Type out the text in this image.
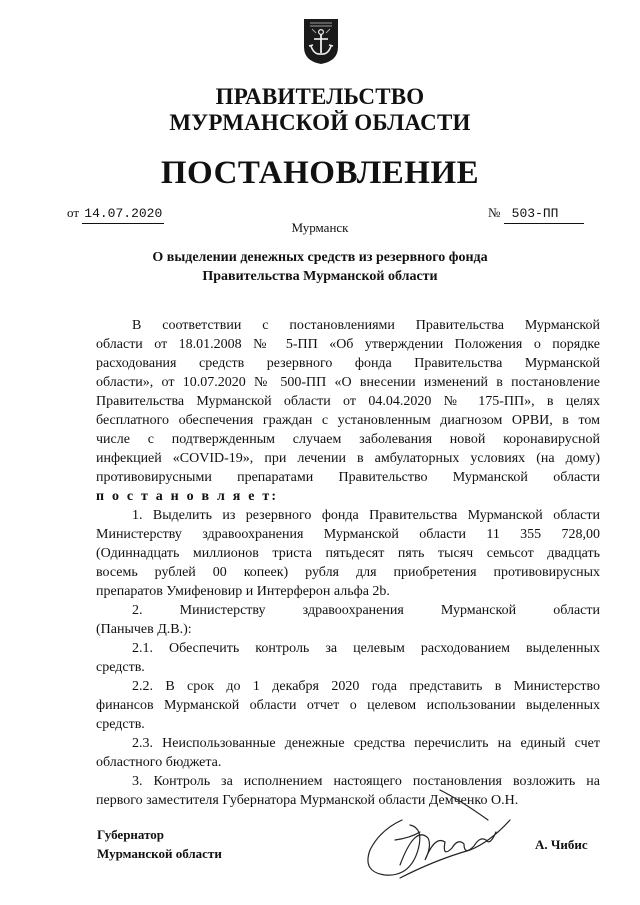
ПРАВИТЕЛЬСТВО
МУРМАНСКОЙ ОБЛАСТИ
ПОСТАНОВЛЕНИЕ
от 14.07.2020	№ 503-ПП
Мурманск
О выделении денежных средств из резервного фонда
Правительства Мурманской области
В соответствии с постановлениями Правительства Мурманской
области от 18.01.2008 № 5-ПП «Об утверждении Положения о порядке
расходования средств резервного фонда Правительства Мурманской
области», от 10.07.2020 № 500-ПП «О внесении изменений в постановление
Правительства Мурманской области от 04.04.2020 № 175-ПП», в целях
бесплатного обеспечения граждан с установленным диагнозом ОРВИ, в том
числе с подтвержденным случаем заболевания новой коронавирусной
инфекцией «COVID-19», при лечении в амбулаторных условиях (на дому)
противовирусными препаратами Правительство Мурманской области
п о с т а н о в л я е т:
1. Выделить из резервного фонда Правительства Мурманской области
Министерству здравоохранения Мурманской области 11 355 728,00
(Одиннадцать миллионов триста пятьдесят пять тысяч семьсот двадцать
восемь рублей 00 копеек) рубля для приобретения противовирусных
препаратов Умифеновир и Интерферон альфа 2b.
2. Министерству здравоохранения Мурманской области
(Панычев Д.В.):
2.1. Обеспечить контроль за целевым расходованием выделенных
средств.
2.2. В срок до 1 декабря 2020 года представить в Министерство
финансов Мурманской области отчет о целевом использовании выделенных
средств.
2.3. Неиспользованные денежные средства перечислить на единый счет
областного бюджета.
3. Контроль за исполнением настоящего постановления возложить на
первого заместителя Губернатора Мурманской области Демченко О.Н.
Губернатор
Мурманской области
А. Чибис
